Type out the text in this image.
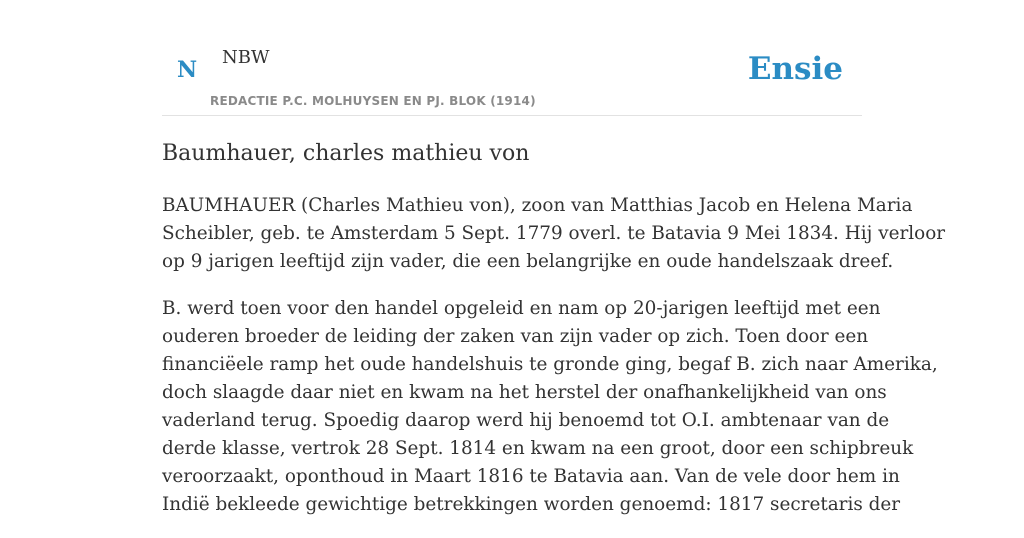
N NBW
REDACTIE P.C. MOLHUYSEN EN PJ. BLOK (1914)
Ensie
Baumhauer, charles mathieu von

BAUMHAUER (Charles Mathieu von), zoon van Matthias Jacob en Helena Maria
Scheibler, geb. te Amsterdam 5 Sept. 1779 overl. te Batavia 9 Mei 1834. Hij verloor
op 9 jarigen leeftijd zijn vader, die een belangrijke en oude handelszaak dreef.

B. werd toen voor den handel opgeleid en nam op 20-jarigen leeftijd met een
ouderen broeder de leiding der zaken van zijn vader op zich. Toen door een
financiëele ramp het oude handelshuis te gronde ging, begaf B. zich naar Amerika,
doch slaagde daar niet en kwam na het herstel der onafhankelijkheid van ons
vaderland terug. Spoedig daarop werd hij benoemd tot O.I. ambtenaar van de
derde klasse, vertrok 28 Sept. 1814 en kwam na een groot, door een schipbreuk
veroorzaakt, oponthoud in Maart 1816 te Batavia aan. Van de vele door hem in
Indië bekleede gewichtige betrekkingen worden genoemd: 1817 secretaris der
